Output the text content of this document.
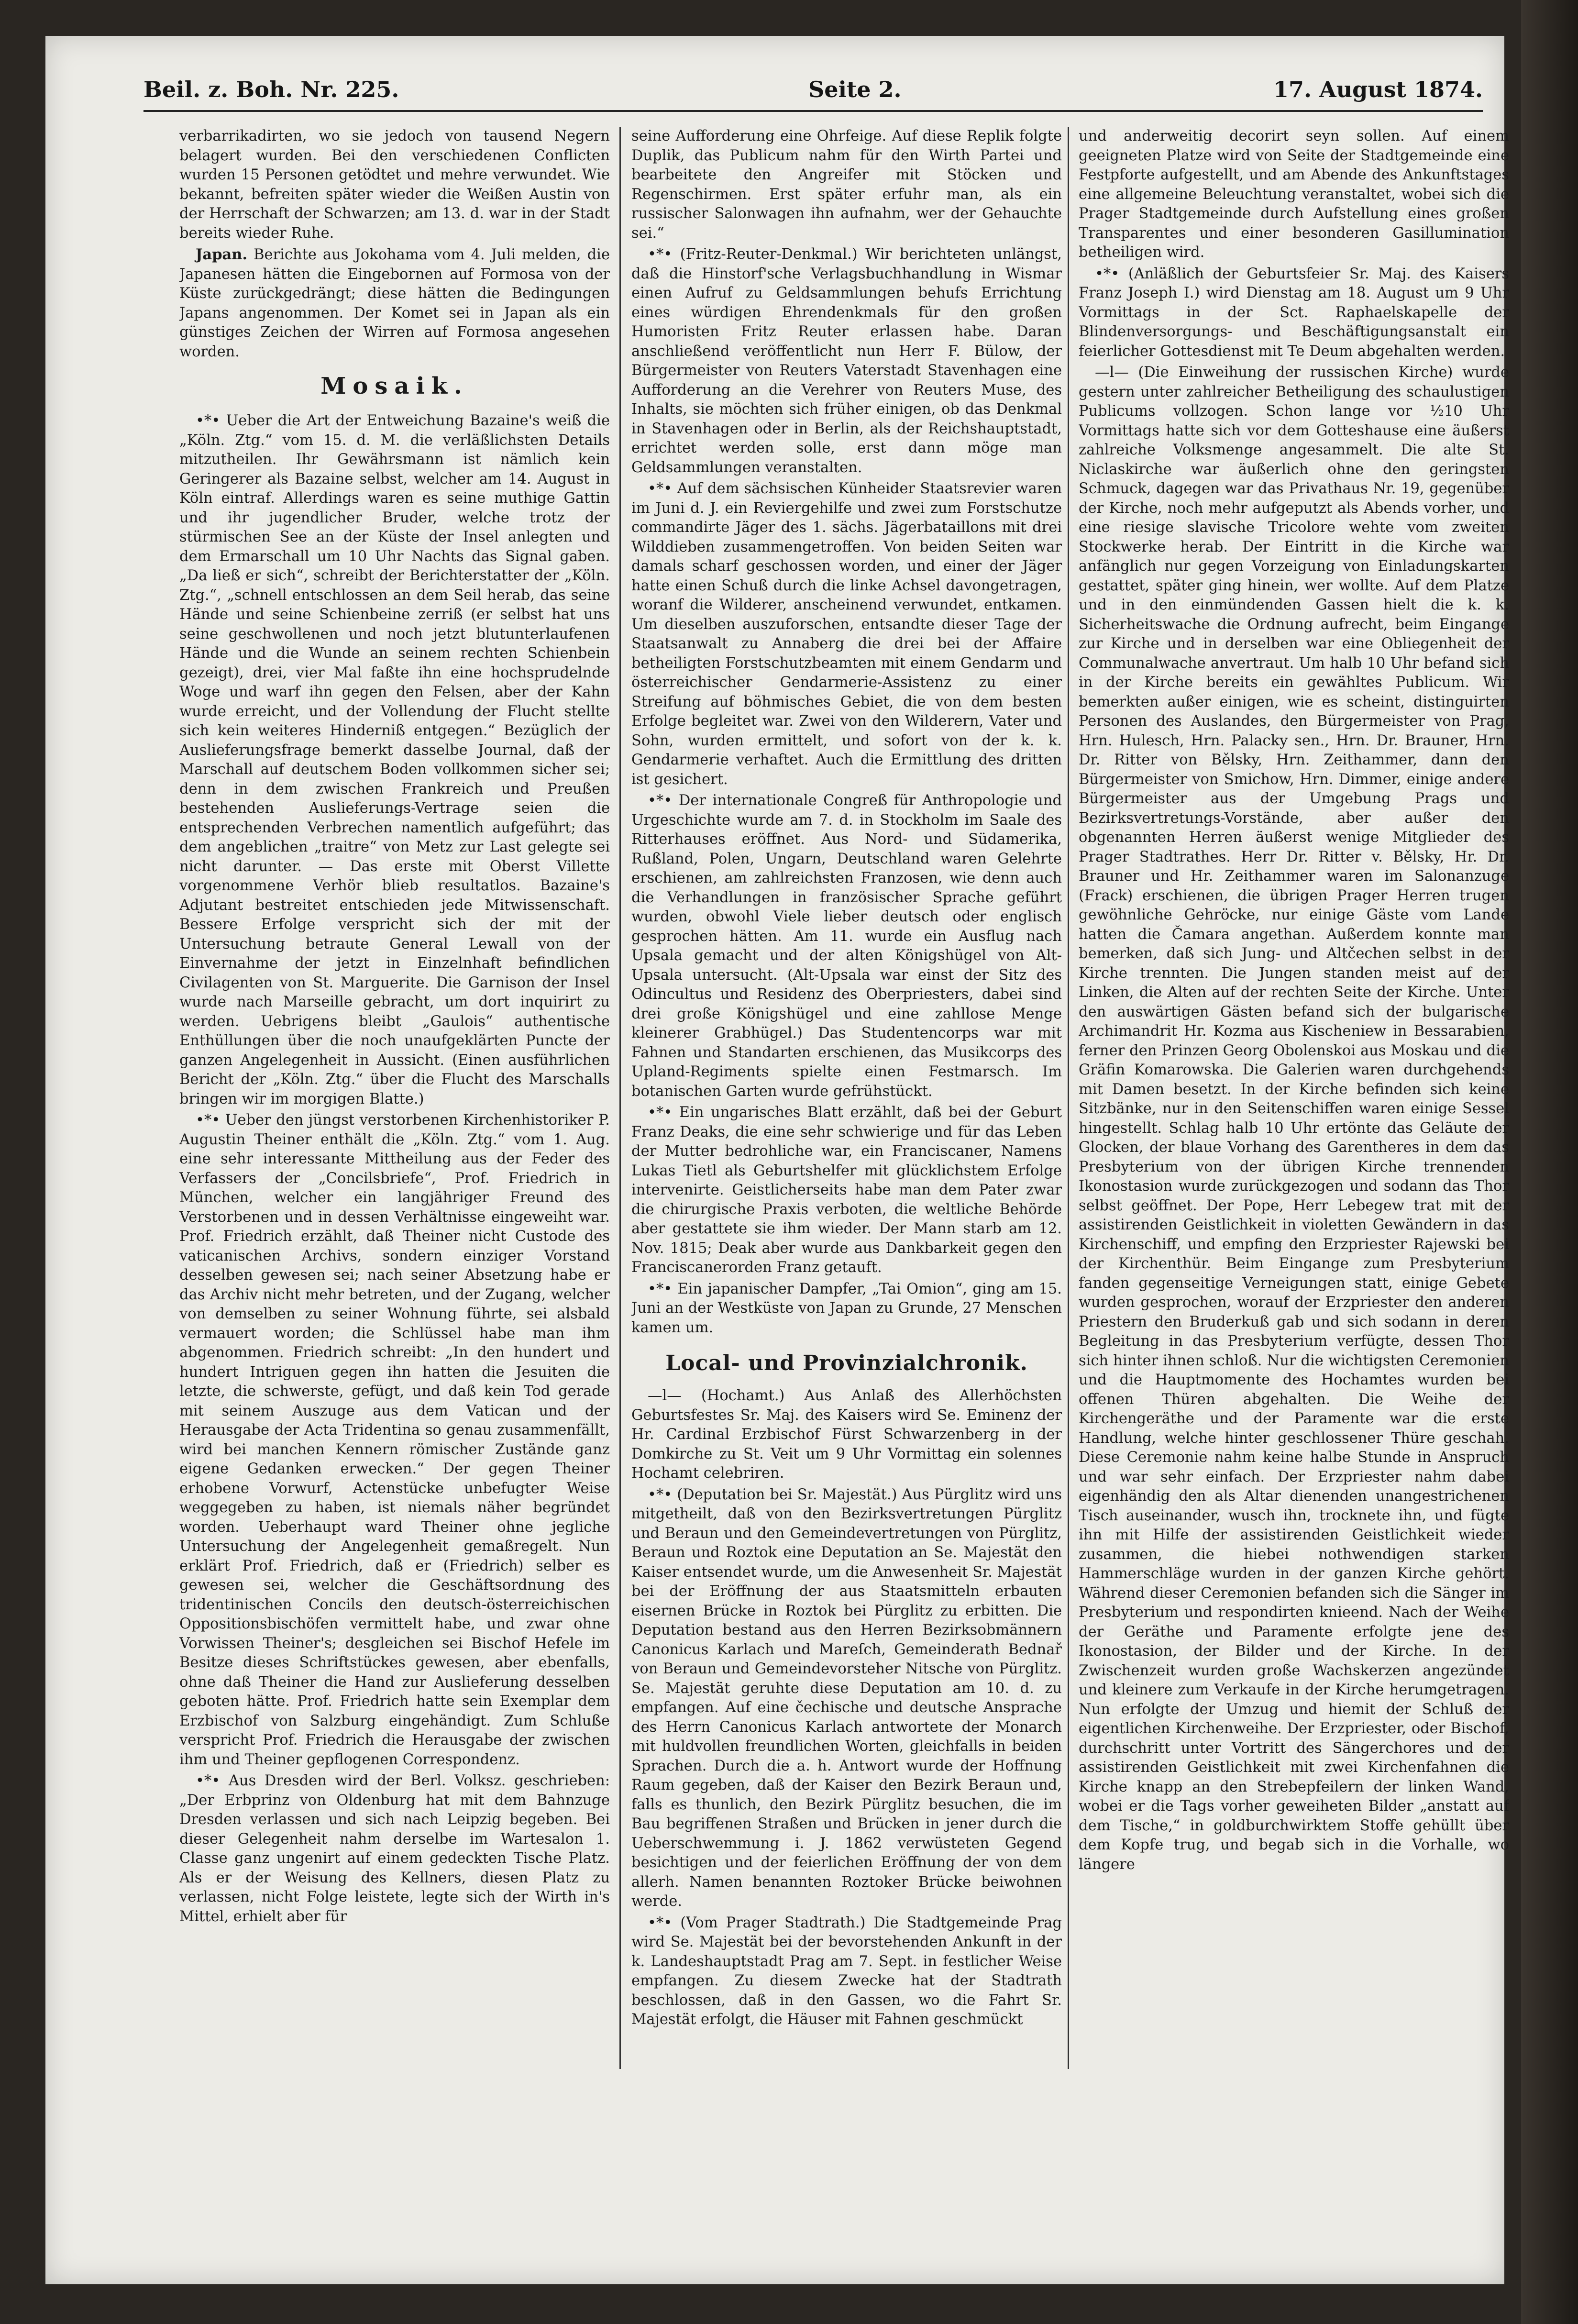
Beil. z. Boh. Nr. 225.	Seite 2.	17. August 1874.

verbarrikadirten, wo sie jedoch von tausend Negern belagert wurden. Bei den verschiedenen Conflicten wurden 15 Personen getödtet und mehre verwundet. Wie bekannt, befreiten später wieder die Weißen Austin von der Herrschaft der Schwarzen; am 13. d. war in der Stadt bereits wieder Ruhe.

Japan. Berichte aus Jokohama vom 4. Juli melden, die Japanesen hätten die Eingebornen auf Formosa von der Küste zurückgedrängt; diese hätten die Bedingungen Japans angenommen. Der Komet sei in Japan als ein günstiges Zeichen der Wirren auf Formosa angesehen worden.

Mosaik.

•*• Ueber die Art der Entweichung Bazaine's weiß die „Köln. Ztg.“ vom 15. d. M. die verläßlichsten Details mitzutheilen. Ihr Gewährsmann ist nämlich kein Geringerer als Bazaine selbst, welcher am 14. August in Köln eintraf. Allerdings waren es seine muthige Gattin und ihr jugendlicher Bruder, welche trotz der stürmischen See an der Küste der Insel anlegten und dem Ermarschall um 10 Uhr Nachts das Signal gaben. „Da ließ er sich“, schreibt der Berichterstatter der „Köln. Ztg.“, „schnell entschlossen an dem Seil herab, das seine Hände und seine Schienbeine zerriß (er selbst hat uns seine geschwollenen und noch jetzt blutunterlaufenen Hände und die Wunde an seinem rechten Schienbein gezeigt), drei, vier Mal faßte ihn eine hochsprudelnde Woge und warf ihn gegen den Felsen, aber der Kahn wurde erreicht, und der Vollendung der Flucht stellte sich kein weiteres Hinderniß entgegen.“ Bezüglich der Auslieferungsfrage bemerkt dasselbe Journal, daß der Marschall auf deutschem Boden vollkommen sicher sei; denn in dem zwischen Frankreich und Preußen bestehenden Auslieferungs-Vertrage seien die entsprechenden Verbrechen namentlich aufgeführt; das dem angeblichen „traitre“ von Metz zur Last gelegte sei nicht darunter. — Das erste mit Oberst Villette vorgenommene Verhör blieb resultatlos. Bazaine's Adjutant bestreitet entschieden jede Mitwissenschaft. Bessere Erfolge verspricht sich der mit der Untersuchung betraute General Lewall von der Einvernahme der jetzt in Einzelnhaft befindlichen Civilagenten von St. Marguerite. Die Garnison der Insel wurde nach Marseille gebracht, um dort inquirirt zu werden. Uebrigens bleibt „Gaulois“ authentische Enthüllungen über die noch unaufgeklärten Puncte der ganzen Angelegenheit in Aussicht. (Einen ausführlichen Bericht der „Köln. Ztg.“ über die Flucht des Marschalls bringen wir im morgigen Blatte.)

•*• Ueber den jüngst verstorbenen Kirchenhistoriker P. Augustin Theiner enthält die „Köln. Ztg.“ vom 1. Aug. eine sehr interessante Mittheilung aus der Feder des Verfassers der „Concilsbriefe“, Prof. Friedrich in München, welcher ein langjähriger Freund des Verstorbenen und in dessen Verhältnisse eingeweiht war. Prof. Friedrich erzählt, daß Theiner nicht Custode des vaticanischen Archivs, sondern einziger Vorstand desselben gewesen sei; nach seiner Absetzung habe er das Archiv nicht mehr betreten, und der Zugang, welcher von demselben zu seiner Wohnung führte, sei alsbald vermauert worden; die Schlüssel habe man ihm abgenommen. Friedrich schreibt: „In den hundert und hundert Intriguen gegen ihn hatten die Jesuiten die letzte, die schwerste, gefügt, und daß kein Tod gerade mit seinem Auszuge aus dem Vatican und der Herausgabe der Acta Tridentina so genau zusammenfällt, wird bei manchen Kennern römischer Zustände ganz eigene Gedanken erwecken.“ Der gegen Theiner erhobene Vorwurf, Actenstücke unbefugter Weise weggegeben zu haben, ist niemals näher begründet worden. Ueberhaupt ward Theiner ohne jegliche Untersuchung der Angelegenheit gemaßregelt. Nun erklärt Prof. Friedrich, daß er (Friedrich) selber es gewesen sei, welcher die Geschäftsordnung des tridentinischen Concils den deutsch-österreichischen Oppositionsbischöfen vermittelt habe, und zwar ohne Vorwissen Theiner's; desgleichen sei Bischof Hefele im Besitze dieses Schriftstückes gewesen, aber ebenfalls, ohne daß Theiner die Hand zur Auslieferung desselben geboten hätte. Prof. Friedrich hatte sein Exemplar dem Erzbischof von Salzburg eingehändigt. Zum Schluße verspricht Prof. Friedrich die Herausgabe der zwischen ihm und Theiner gepflogenen Correspondenz.

•*• Aus Dresden wird der Berl. Volksz. geschrieben: „Der Erbprinz von Oldenburg hat mit dem Bahnzuge Dresden verlassen und sich nach Leipzig begeben. Bei dieser Gelegenheit nahm derselbe im Wartesalon 1. Classe ganz ungenirt auf einem gedeckten Tische Platz. Als er der Weisung des Kellners, diesen Platz zu verlassen, nicht Folge leistete, legte sich der Wirth in's Mittel, erhielt aber für

seine Aufforderung eine Ohrfeige. Auf diese Replik folgte Duplik, das Publicum nahm für den Wirth Partei und bearbeitete den Angreifer mit Stöcken und Regenschirmen. Erst später erfuhr man, als ein russischer Salonwagen ihn aufnahm, wer der Gehauchte sei.“

•*• (Fritz-Reuter-Denkmal.) Wir berichteten unlängst, daß die Hinstorf'sche Verlagsbuchhandlung in Wismar einen Aufruf zu Geldsammlungen behufs Errichtung eines würdigen Ehrendenkmals für den großen Humoristen Fritz Reuter erlassen habe. Daran anschließend veröffentlicht nun Herr F. Bülow, der Bürgermeister von Reuters Vaterstadt Stavenhagen eine Aufforderung an die Verehrer von Reuters Muse, des Inhalts, sie möchten sich früher einigen, ob das Denkmal in Stavenhagen oder in Berlin, als der Reichshauptstadt, errichtet werden solle, erst dann möge man Geldsammlungen veranstalten.

•*• Auf dem sächsischen Künheider Staatsrevier waren im Juni d. J. ein Reviergehilfe und zwei zum Forstschutze commandirte Jäger des 1. sächs. Jägerbataillons mit drei Wilddieben zusammengetroffen. Von beiden Seiten war damals scharf geschossen worden, und einer der Jäger hatte einen Schuß durch die linke Achsel davongetragen, woranf die Wilderer, anscheinend verwundet, entkamen. Um dieselben auszuforschen, entsandte dieser Tage der Staatsanwalt zu Annaberg die drei bei der Affaire betheiligten Forstschutzbeamten mit einem Gendarm und österreichischer Gendarmerie-Assistenz zu einer Streifung auf böhmisches Gebiet, die von dem besten Erfolge begleitet war. Zwei von den Wilderern, Vater und Sohn, wurden ermittelt, und sofort von der k. k. Gendarmerie verhaftet. Auch die Ermittlung des dritten ist gesichert.

•*• Der internationale Congreß für Anthropologie und Urgeschichte wurde am 7. d. in Stockholm im Saale des Ritterhauses eröffnet. Aus Nord- und Südamerika, Rußland, Polen, Ungarn, Deutschland waren Gelehrte erschienen, am zahlreichsten Franzosen, wie denn auch die Verhandlungen in französischer Sprache geführt wurden, obwohl Viele lieber deutsch oder englisch gesprochen hätten. Am 11. wurde ein Ausflug nach Upsala gemacht und der alten Königshügel von Alt-Upsala untersucht. (Alt-Upsala war einst der Sitz des Odincultus und Residenz des Oberpriesters, dabei sind drei große Königshügel und eine zahllose Menge kleinerer Grabhügel.) Das Studentencorps war mit Fahnen und Standarten erschienen, das Musikcorps des Upland-Regiments spielte einen Festmarsch. Im botanischen Garten wurde gefrühstückt.

•*• Ein ungarisches Blatt erzählt, daß bei der Geburt Franz Deaks, die eine sehr schwierige und für das Leben der Mutter bedrohliche war, ein Franciscaner, Namens Lukas Tietl als Geburtshelfer mit glücklichstem Erfolge intervenirte. Geistlicherseits habe man dem Pater zwar die chirurgische Praxis verboten, die weltliche Behörde aber gestattete sie ihm wieder. Der Mann starb am 12. Nov. 1815; Deak aber wurde aus Dankbarkeit gegen den Franciscanerorden Franz getauft.

•*• Ein japanischer Dampfer, „Tai Omion“, ging am 15. Juni an der Westküste von Japan zu Grunde, 27 Menschen kamen um.

Local- und Provinzialchronik.

—l— (Hochamt.) Aus Anlaß des Allerhöchsten Geburtsfestes Sr. Maj. des Kaisers wird Se. Eminenz der Hr. Cardinal Erzbischof Fürst Schwarzenberg in der Domkirche zu St. Veit um 9 Uhr Vormittag ein solennes Hochamt celebriren.

•*• (Deputation bei Sr. Majestät.) Aus Pürglitz wird uns mitgetheilt, daß von den Bezirksvertretungen Pürglitz und Beraun und den Gemeindevertretungen von Pürglitz, Beraun und Roztok eine Deputation an Se. Majestät den Kaiser entsendet wurde, um die Anwesenheit Sr. Majestät bei der Eröffnung der aus Staatsmitteln erbauten eisernen Brücke in Roztok bei Pürglitz zu erbitten. Die Deputation bestand aus den Herren Bezirksobmännern Canonicus Karlach und Mareſch, Gemeinderath Bednař von Beraun und Gemeindevorsteher Nitsche von Pürglitz. Se. Majestät geruhte diese Deputation am 10. d. zu empfangen. Auf eine čechische und deutsche Ansprache des Herrn Canonicus Karlach antwortete der Monarch mit huldvollen freundlichen Worten, gleichfalls in beiden Sprachen. Durch die a. h. Antwort wurde der Hoffnung Raum gegeben, daß der Kaiser den Bezirk Beraun und, falls es thunlich, den Bezirk Pürglitz besuchen, die im Bau begriffenen Straßen und Brücken in jener durch die Ueberschwemmung i. J. 1862 verwüsteten Gegend besichtigen und der feierlichen Eröffnung der von dem allerh. Namen benannten Roztoker Brücke beiwohnen werde.

•*• (Vom Prager Stadtrath.) Die Stadtgemeinde Prag wird Se. Majestät bei der bevorstehenden Ankunft in der k. Landeshauptstadt Prag am 7. Sept. in festlicher Weise empfangen. Zu diesem Zwecke hat der Stadtrath beschlossen, daß in den Gassen, wo die Fahrt Sr. Majestät erfolgt, die Häuser mit Fahnen geschmückt

und anderweitig decorirt seyn sollen. Auf einem geeigneten Platze wird von Seite der Stadtgemeinde eine Festpforte aufgestellt, und am Abende des Ankunftstages eine allgemeine Beleuchtung veranstaltet, wobei sich die Prager Stadtgemeinde durch Aufstellung eines großen Transparentes und einer besonderen Gasillumination betheiligen wird.

•*• (Anläßlich der Geburtsfeier Sr. Maj. des Kaisers Franz Joseph I.) wird Dienstag am 18. August um 9 Uhr Vormittags in der Sct. Raphaelskapelle der Blindenversorgungs- und Beschäftigungsanstalt ein feierlicher Gottesdienst mit Te Deum abgehalten werden.

—l— (Die Einweihung der russischen Kirche) wurde gestern unter zahlreicher Betheiligung des schaulustigen Publicums vollzogen. Schon lange vor ½10 Uhr Vormittags hatte sich vor dem Gotteshause eine äußerst zahlreiche Volksmenge angesammelt. Die alte St. Niclaskirche war äußerlich ohne den geringsten Schmuck, dagegen war das Privathaus Nr. 19, gegenüber der Kirche, noch mehr aufgeputzt als Abends vorher, und eine riesige slavische Tricolore wehte vom zweiten Stockwerke herab. Der Eintritt in die Kirche war anfänglich nur gegen Vorzeigung von Einladungskarten gestattet, später ging hinein, wer wollte. Auf dem Platze und in den einmündenden Gassen hielt die k. k. Sicherheitswache die Ordnung aufrecht, beim Eingange zur Kirche und in derselben war eine Obliegenheit der Communalwache anvertraut. Um halb 10 Uhr befand sich in der Kirche bereits ein gewähltes Publicum. Wir bemerkten außer einigen, wie es scheint, distinguirten Personen des Auslandes, den Bürgermeister von Prag, Hrn. Hulesch, Hrn. Palacky sen., Hrn. Dr. Brauner, Hrn. Dr. Ritter von Bělsky, Hrn. Zeithammer, dann den Bürgermeister von Smichow, Hrn. Dimmer, einige andere Bürgermeister aus der Umgebung Prags und Bezirksvertretungs-Vorstände, aber außer den obgenannten Herren äußerst wenige Mitglieder des Prager Stadtrathes. Herr Dr. Ritter v. Bělsky, Hr. Dr. Brauner und Hr. Zeithammer waren im Salonanzuge (Frack) erschienen, die übrigen Prager Herren trugen gewöhnliche Gehröcke, nur einige Gäste vom Lande hatten die Čamara angethan. Außerdem konnte man bemerken, daß sich Jung- und Altčechen selbst in der Kirche trennten. Die Jungen standen meist auf der Linken, die Alten auf der rechten Seite der Kirche. Unter den auswärtigen Gästen befand sich der bulgarische Archimandrit Hr. Kozma aus Kischeniew in Bessarabien, ferner den Prinzen Georg Obolenskoi aus Moskau und die Gräfin Komarowska. Die Galerien waren durchgehends mit Damen besetzt. In der Kirche befinden sich keine Sitzbänke, nur in den Seitenschiffen waren einige Sessel hingestellt. Schlag halb 10 Uhr ertönte das Geläute der Glocken, der blaue Vorhang des Garentheres in dem das Presbyterium von der übrigen Kirche trennenden Ikonostasion wurde zurückgezogen und sodann das Thor selbst geöffnet. Der Pope, Herr Lebegew trat mit der assistirenden Geistlichkeit in violetten Gewändern in das Kirchenschiff, und empfing den Erzpriester Rajewski bei der Kirchenthür. Beim Eingange zum Presbyterium fanden gegenseitige Verneigungen statt, einige Gebete wurden gesprochen, worauf der Erzpriester den anderen Priestern den Bruderkuß gab und sich sodann in deren Begleitung in das Presbyterium verfügte, dessen Thor sich hinter ihnen schloß. Nur die wichtigsten Ceremonien und die Hauptmomente des Hochamtes wurden bei offenen Thüren abgehalten. Die Weihe der Kirchengeräthe und der Paramente war die erste Handlung, welche hinter geschlossener Thüre geschah. Diese Ceremonie nahm keine halbe Stunde in Anspruch und war sehr einfach. Der Erzpriester nahm dabei eigenhändig den als Altar dienenden unangestrichenen Tisch auseinander, wusch ihn, trocknete ihn, und fügte ihn mit Hilfe der assistirenden Geistlichkeit wieder zusammen, die hiebei nothwendigen starken Hammerschläge wurden in der ganzen Kirche gehört. Während dieser Ceremonien befanden sich die Sänger im Presbyterium und respondirten knieend. Nach der Weihe der Geräthe und Paramente erfolgte jene des Ikonostasion, der Bilder und der Kirche. In der Zwischenzeit wurden große Wachskerzen angezündet und kleinere zum Verkaufe in der Kirche herumgetragen. Nun erfolgte der Umzug und hiemit der Schluß der eigentlichen Kirchenweihe. Der Erzpriester, oder Bischof, durchschritt unter Vortritt des Sängerchores und der assistirenden Geistlichkeit mit zwei Kirchenfahnen die Kirche knapp an den Strebepfeilern der linken Wand, wobei er die Tags vorher geweiheten Bilder „anstatt auf dem Tische,“ in goldburchwirktem Stoffe gehüllt über dem Kopfe trug, und begab sich in die Vorhalle, wo längere
